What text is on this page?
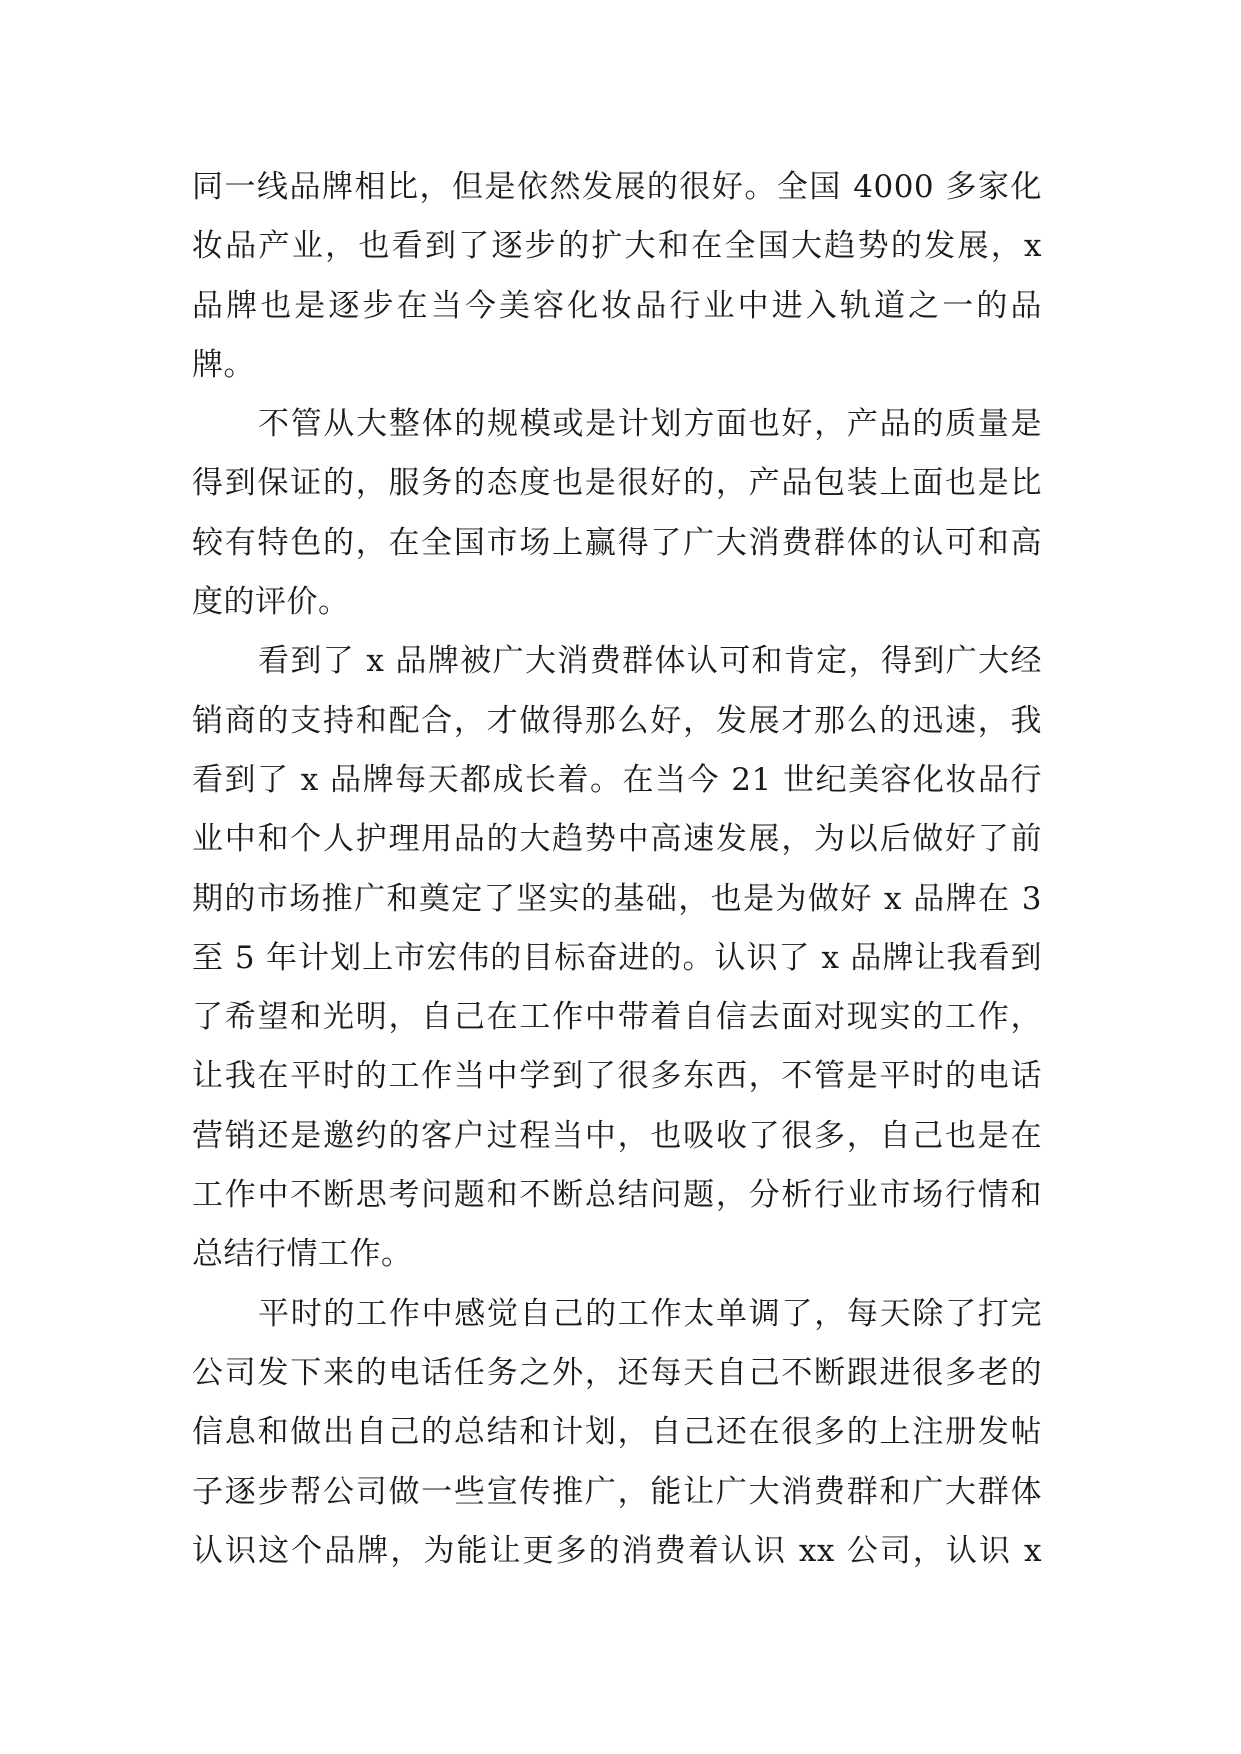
同一线品牌相比，但是依然发展的很好。全国 4000 多家化
妆品产业，也看到了逐步的扩大和在全国大趋势的发展，x
品牌也是逐步在当今美容化妆品行业中进入轨道之一的品
牌。
不管从大整体的规模或是计划方面也好，产品的质量是
得到保证的，服务的态度也是很好的，产品包装上面也是比
较有特色的，在全国市场上赢得了广大消费群体的认可和高
度的评价。
看到了 x 品牌被广大消费群体认可和肯定，得到广大经
销商的支持和配合，才做得那么好，发展才那么的迅速，我
看到了 x 品牌每天都成长着。在当今 21 世纪美容化妆品行
业中和个人护理用品的大趋势中高速发展，为以后做好了前
期的市场推广和奠定了坚实的基础，也是为做好 x 品牌在 3
至 5 年计划上市宏伟的目标奋进的。认识了 x 品牌让我看到
了希望和光明，自己在工作中带着自信去面对现实的工作，
让我在平时的工作当中学到了很多东西，不管是平时的电话
营销还是邀约的客户过程当中，也吸收了很多，自己也是在
工作中不断思考问题和不断总结问题，分析行业市场行情和
总结行情工作。
平时的工作中感觉自己的工作太单调了，每天除了打完
公司发下来的电话任务之外，还每天自己不断跟进很多老的
信息和做出自己的总结和计划，自己还在很多的上注册发帖
子逐步帮公司做一些宣传推广，能让广大消费群和广大群体
认识这个品牌，为能让更多的消费着认识 xx 公司，认识 x
